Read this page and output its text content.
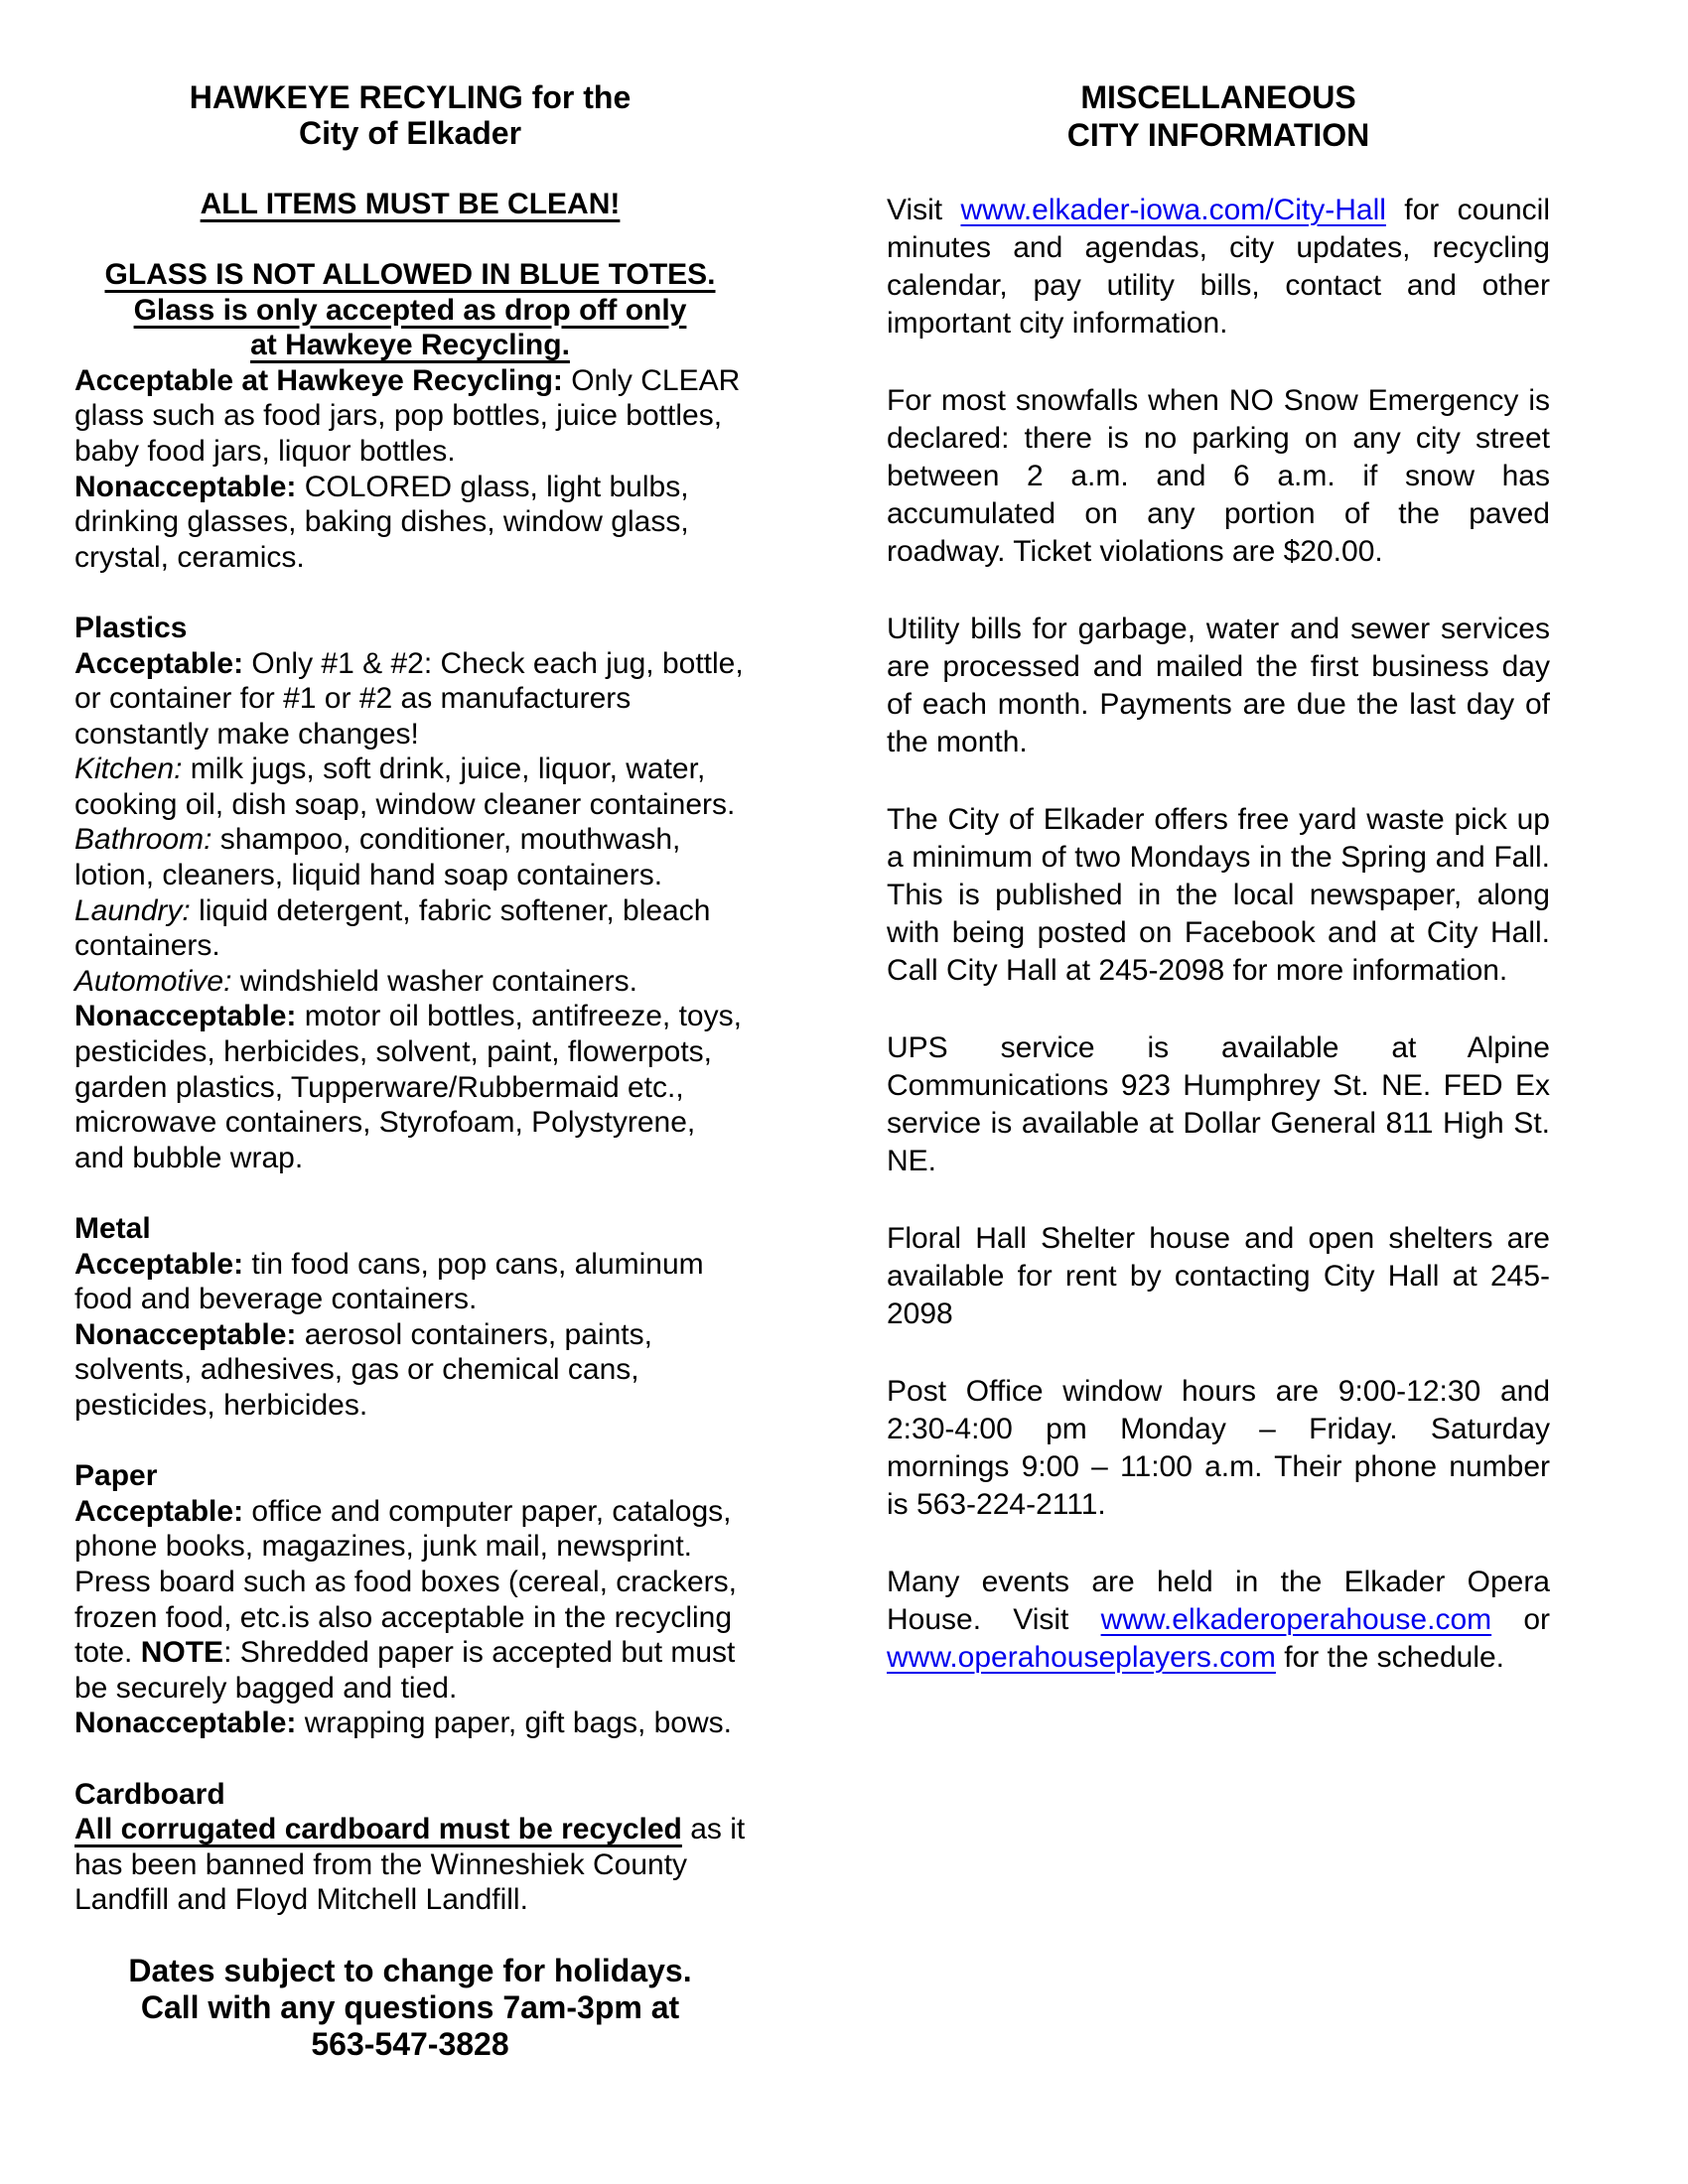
HAWKEYE RECYLING for the
City of Elkader
ALL ITEMS MUST BE CLEAN!
GLASS IS NOT ALLOWED IN BLUE TOTES.
Glass is only accepted as drop off only
at Hawkeye Recycling.

Acceptable at Hawkeye Recycling: Only CLEAR glass such as food jars, pop bottles, juice bottles, baby food jars, liquor bottles.

Nonacceptable: COLORED glass, light bulbs, drinking glasses, baking dishes, window glass, crystal, ceramics.

Plastics

Acceptable: Only #1 & #2: Check each jug, bottle, or container for #1 or #2 as manufacturers constantly make changes!

Kitchen: milk jugs, soft drink, juice, liquor, water, cooking oil, dish soap, window cleaner containers.

Bathroom: shampoo, conditioner, mouthwash, lotion, cleaners, liquid hand soap containers.

Laundry: liquid detergent, fabric softener, bleach containers.

Automotive: windshield washer containers.

Nonacceptable: motor oil bottles, antifreeze, toys, pesticides, herbicides, solvent, paint, flowerpots, garden plastics, Tupperware/Rubbermaid etc., microwave containers, Styrofoam, Polystyrene, and bubble wrap.

Metal

Acceptable: tin food cans, pop cans, aluminum food and beverage containers.

Nonacceptable: aerosol containers, paints, solvents, adhesives, gas or chemical cans, pesticides, herbicides.

Paper

Acceptable: office and computer paper, catalogs, phone books, magazines, junk mail, newsprint. Press board such as food boxes (cereal, crackers, frozen food, etc.is also acceptable in the recycling tote. NOTE: Shredded paper is accepted but must be securely bagged and tied.

Nonacceptable: wrapping paper, gift bags, bows.

Cardboard

All corrugated cardboard must be recycled as it has been banned from the Winneshiek County Landfill and Floyd Mitchell Landfill.

Dates subject to change for holidays.
Call with any questions 7am-3pm at
563-547-3828
MISCELLANEOUS
CITY INFORMATION

Visit www.elkader-iowa.com/City-Hall for council minutes and agendas, city updates, recycling calendar, pay utility bills, contact and other important city information.

For most snowfalls when NO Snow Emergency is declared: there is no parking on any city street between 2 a.m. and 6 a.m. if snow has accumulated on any portion of the paved roadway. Ticket violations are $20.00.

Utility bills for garbage, water and sewer services are processed and mailed the first business day of each month. Payments are due the last day of the month.

The City of Elkader offers free yard waste pick up a minimum of two Mondays in the Spring and Fall. This is published in the local newspaper, along with being posted on Facebook and at City Hall. Call City Hall at 245-2098 for more information.

UPS service is available at Alpine Communications 923 Humphrey St. NE. FED Ex service is available at Dollar General 811 High St. NE.

Floral Hall Shelter house and open shelters are available for rent by contacting City Hall at 245-2098

Post Office window hours are 9:00-12:30 and 2:30-4:00 pm Monday – Friday. Saturday mornings 9:00 – 11:00 a.m. Their phone number is 563-224-2111.

Many events are held in the Elkader Opera House. Visit www.elkaderoperahouse.com or www.operahouseplayers.com for the schedule.
